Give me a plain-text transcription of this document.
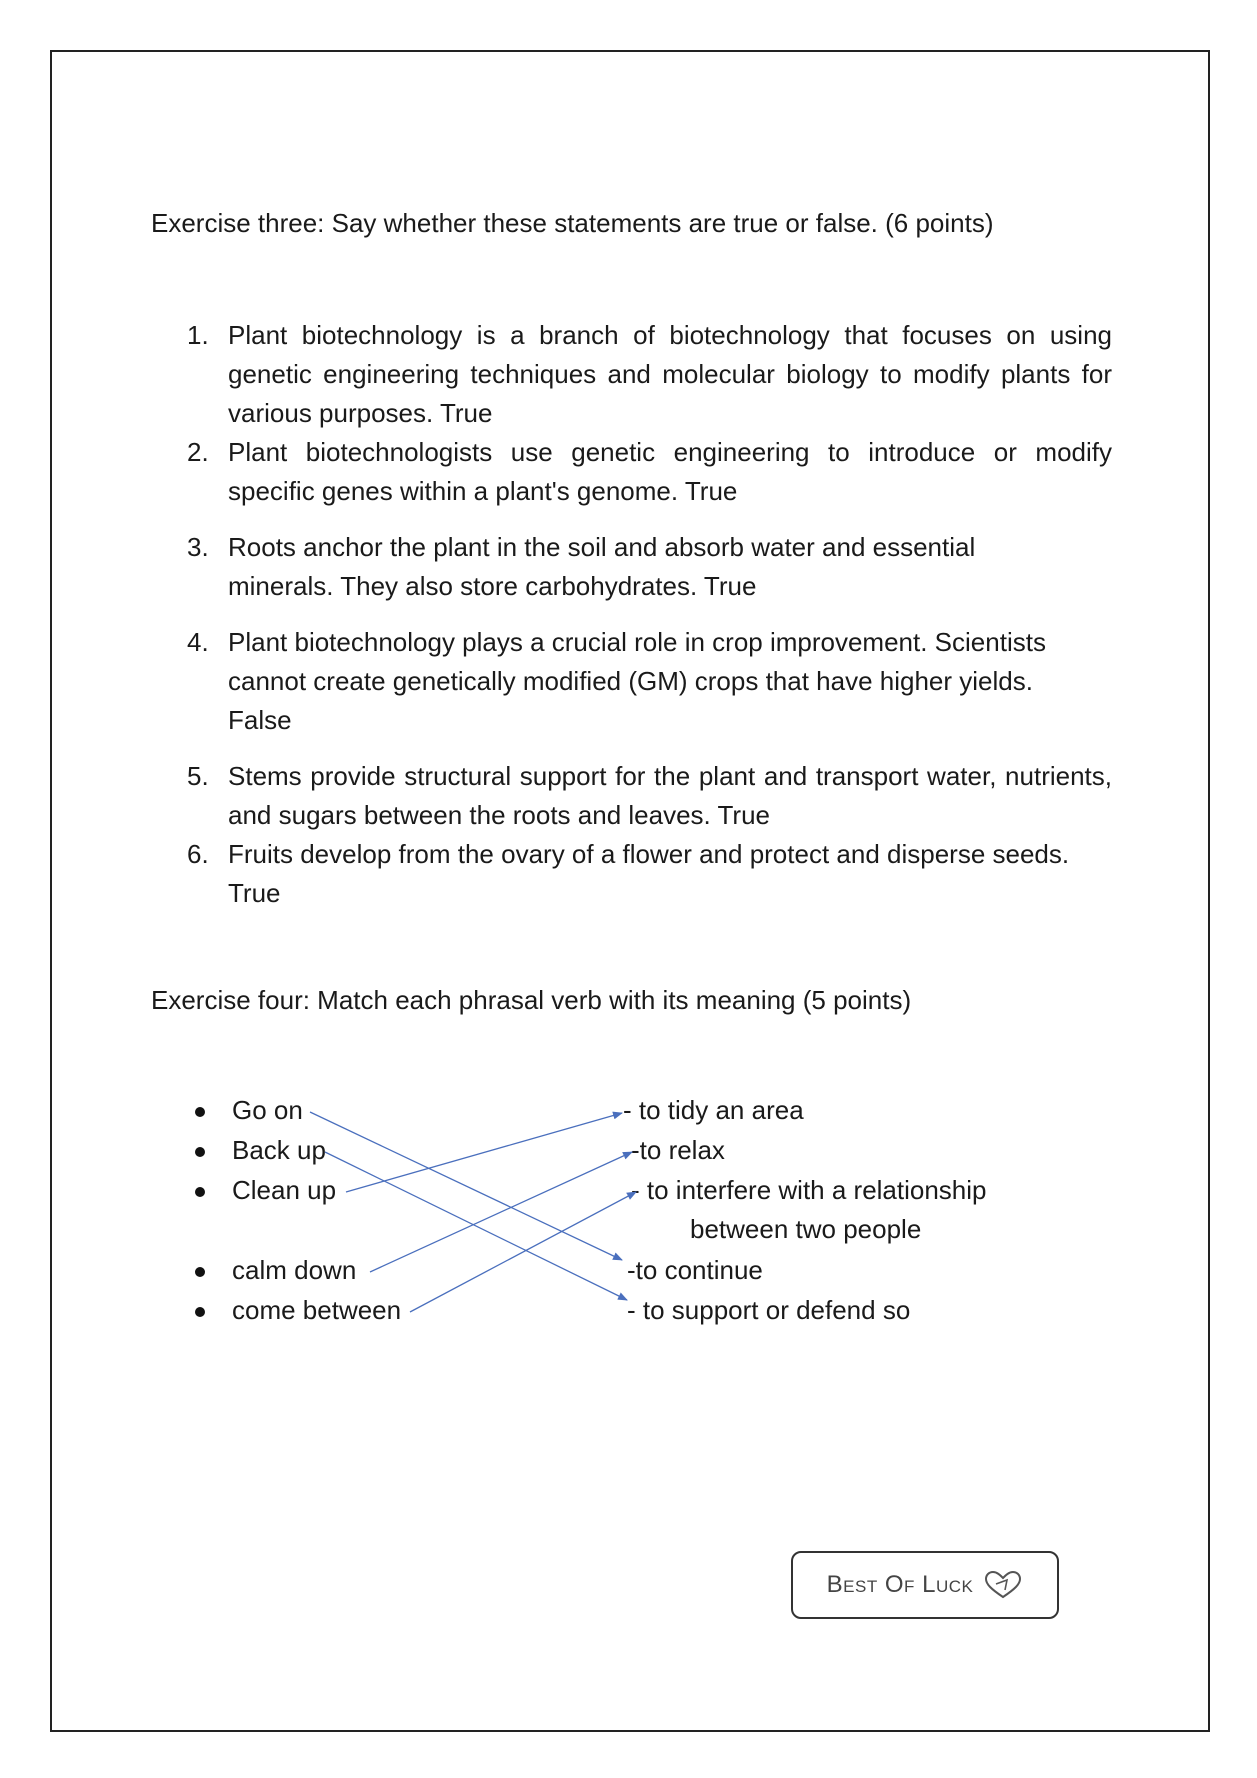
Exercise three: Say whether these statements are true or false. (6 points)
1. Plant biotechnology is a branch of biotechnology that focuses on using genetic engineering techniques and molecular biology to modify plants for various purposes. True
2. Plant biotechnologists use genetic engineering to introduce or modify specific genes within a plant's genome. True
3. Roots anchor the plant in the soil and absorb water and essential minerals. They also store carbohydrates. True
4. Plant biotechnology plays a crucial role in crop improvement. Scientists cannot create genetically modified (GM) crops that have higher yields. False
5. Stems provide structural support for the plant and transport water, nutrients, and sugars between the roots and leaves. True
6. Fruits develop from the ovary of a flower and protect and disperse seeds. True
Exercise four: Match each phrasal verb with its meaning (5 points)
Go on
Back up
Clean up
calm down
come between
- to tidy an area
-to relax
- to interfere with a relationship
between two people
-to continue
- to support or defend so
Best Of Luck
